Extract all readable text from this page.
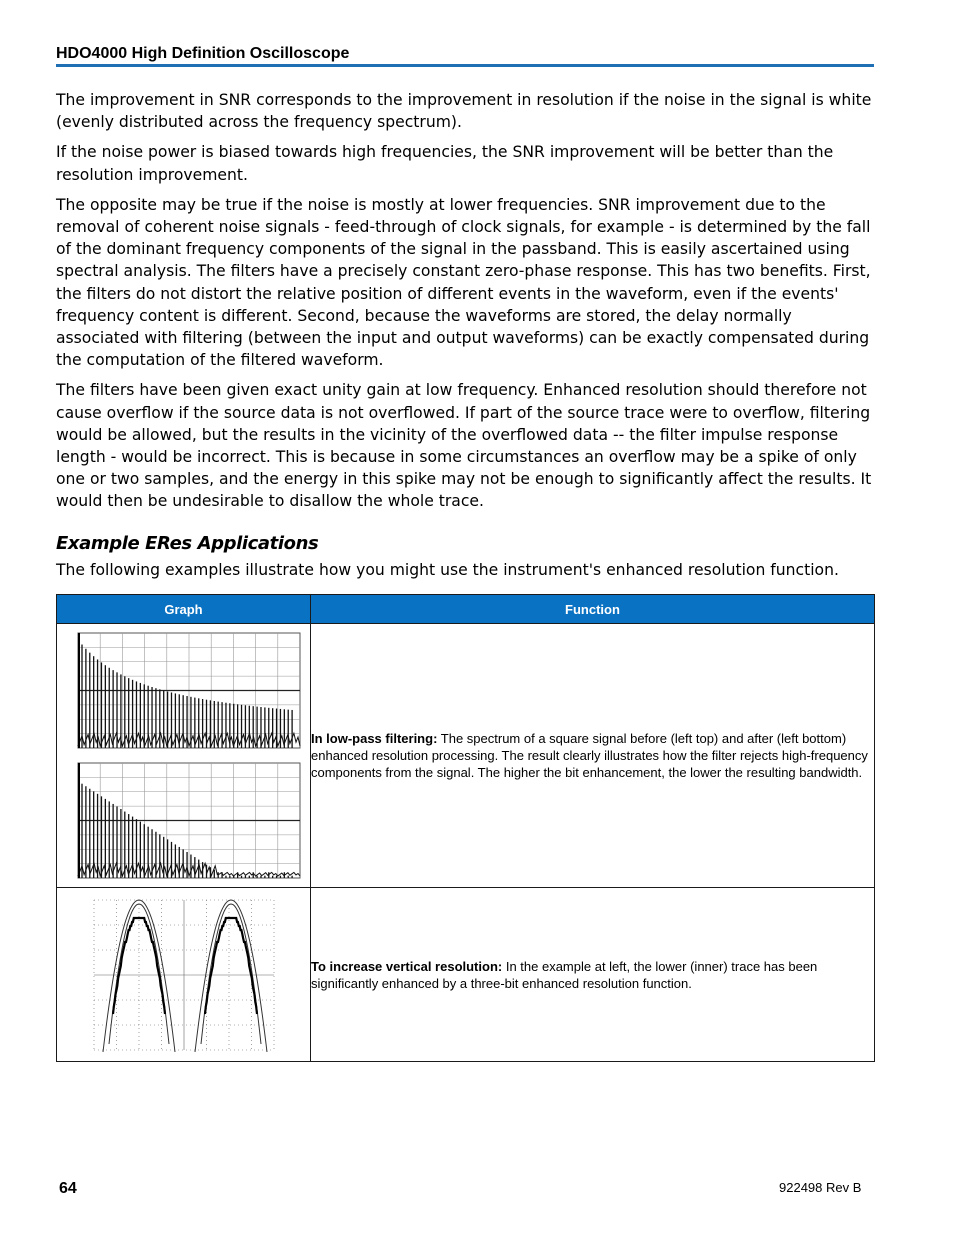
HDO4000 High Definition Oscilloscope

The improvement in SNR corresponds to the improvement in resolution if the noise in the signal is white (evenly distributed across the frequency spectrum).

If the noise power is biased towards high frequencies, the SNR improvement will be better than the resolution improvement.

The opposite may be true if the noise is mostly at lower frequencies. SNR improvement due to the removal of coherent noise signals - feed-through of clock signals, for example - is determined by the fall of the dominant frequency components of the signal in the passband. This is easily ascertained using spectral analysis. The filters have a precisely constant zero-phase response. This has two benefits. First, the filters do not distort the relative position of different events in the waveform, even if the events' frequency content is different. Second, because the waveforms are stored, the delay normally associated with filtering (between the input and output waveforms) can be exactly compensated during the computation of the filtered waveform.

The filters have been given exact unity gain at low frequency. Enhanced resolution should therefore not cause overflow if the source data is not overflowed. If part of the source trace were to overflow, filtering would be allowed, but the results in the vicinity of the overflowed data -- the filter impulse response length - would be incorrect. This is because in some circumstances an overflow may be a spike of only one or two samples, and the energy in this spike may not be enough to significantly affect the results. It would then be undesirable to disallow the whole trace.

Example ERes Applications
The following examples illustrate how you might use the instrument's enhanced resolution function.
Graph	Function

	In low-pass filtering: The spectrum of a square signal before (left top) and after (left bottom) enhanced resolution processing. The result clearly illustrates how the filter rejects high-frequency components from the signal. The higher the bit enhancement, the lower the resulting bandwidth.

	To increase vertical resolution: In the example at left, the lower (inner) trace has been significantly enhanced by a three-bit enhanced resolution function.
64	922498 Rev B
